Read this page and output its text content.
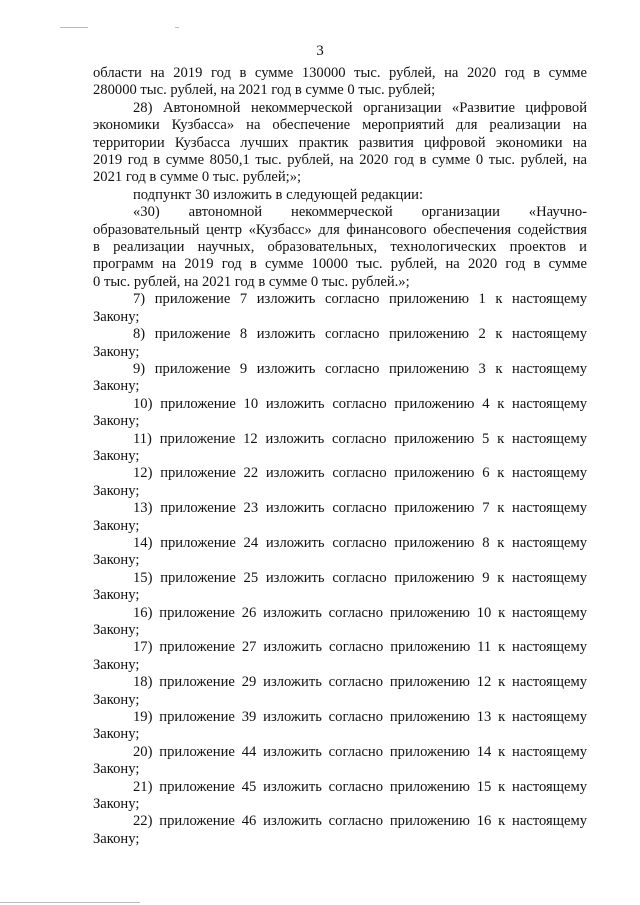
3
области на 2019 год в сумме 130000 тыс. рублей, на 2020 год в сумме
280000 тыс. рублей, на 2021 год в сумме 0 тыс. рублей;
28) Автономной некоммерческой организации «Развитие цифровой
экономики Кузбасса» на обеспечение мероприятий для реализации на
территории Кузбасса лучших практик развития цифровой экономики на
2019 год в сумме 8050,1 тыс. рублей, на 2020 год в сумме 0 тыс. рублей, на
2021 год в сумме 0 тыс. рублей;»;
подпункт 30 изложить в следующей редакции:
«30) автономной некоммерческой организации «Научно-
образовательный центр «Кузбасс» для финансового обеспечения содействия
в реализации научных, образовательных, технологических проектов и
программ на 2019 год в сумме 10000 тыс. рублей, на 2020 год в сумме
0 тыс. рублей, на 2021 год в сумме 0 тыс. рублей.»;
7) приложение 7 изложить согласно приложению 1 к настоящему
Закону;
8) приложение 8 изложить согласно приложению 2 к настоящему
Закону;
9) приложение 9 изложить согласно приложению 3 к настоящему
Закону;
10) приложение 10 изложить согласно приложению 4 к настоящему
Закону;
11) приложение 12 изложить согласно приложению 5 к настоящему
Закону;
12) приложение 22 изложить согласно приложению 6 к настоящему
Закону;
13) приложение 23 изложить согласно приложению 7 к настоящему
Закону;
14) приложение 24 изложить согласно приложению 8 к настоящему
Закону;
15) приложение 25 изложить согласно приложению 9 к настоящему
Закону;
16) приложение 26 изложить согласно приложению 10 к настоящему
Закону;
17) приложение 27 изложить согласно приложению 11 к настоящему
Закону;
18) приложение 29 изложить согласно приложению 12 к настоящему
Закону;
19) приложение 39 изложить согласно приложению 13 к настоящему
Закону;
20) приложение 44 изложить согласно приложению 14 к настоящему
Закону;
21) приложение 45 изложить согласно приложению 15 к настоящему
Закону;
22) приложение 46 изложить согласно приложению 16 к настоящему
Закону;
